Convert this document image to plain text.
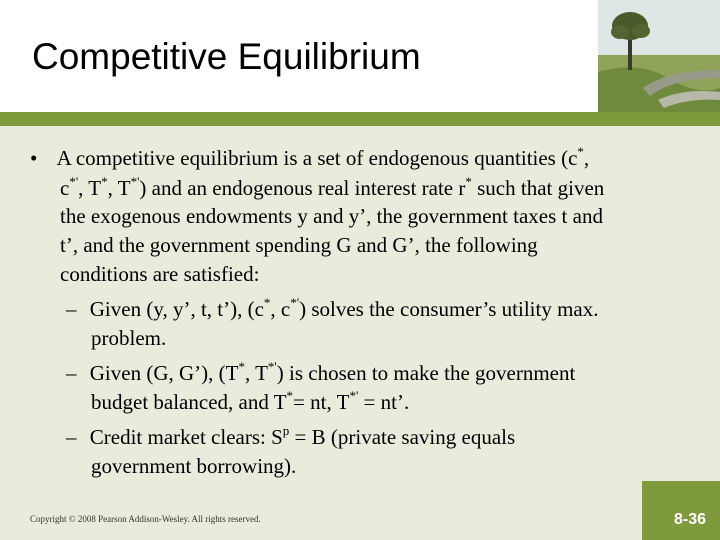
Competitive Equilibrium
• A competitive equilibrium is a set of endogenous quantities (c*,
c*', T*, T*') and an endogenous real interest rate r* such that given
the exogenous endowments y and y’, the government taxes t and
t’, and the government spending G and G’, the following
conditions are satisfied:
– Given (y, y’, t, t’), (c*, c*') solves the consumer’s utility max.
problem.
– Given (G, G’), (T*, T*') is chosen to make the government
budget balanced, and T*= nt, T*' = nt’.
– Credit market clears: $S^p = B$ (private saving equals
government borrowing).
Copyright © 2008 Pearson Addison-Wesley. All rights reserved.	8-36
